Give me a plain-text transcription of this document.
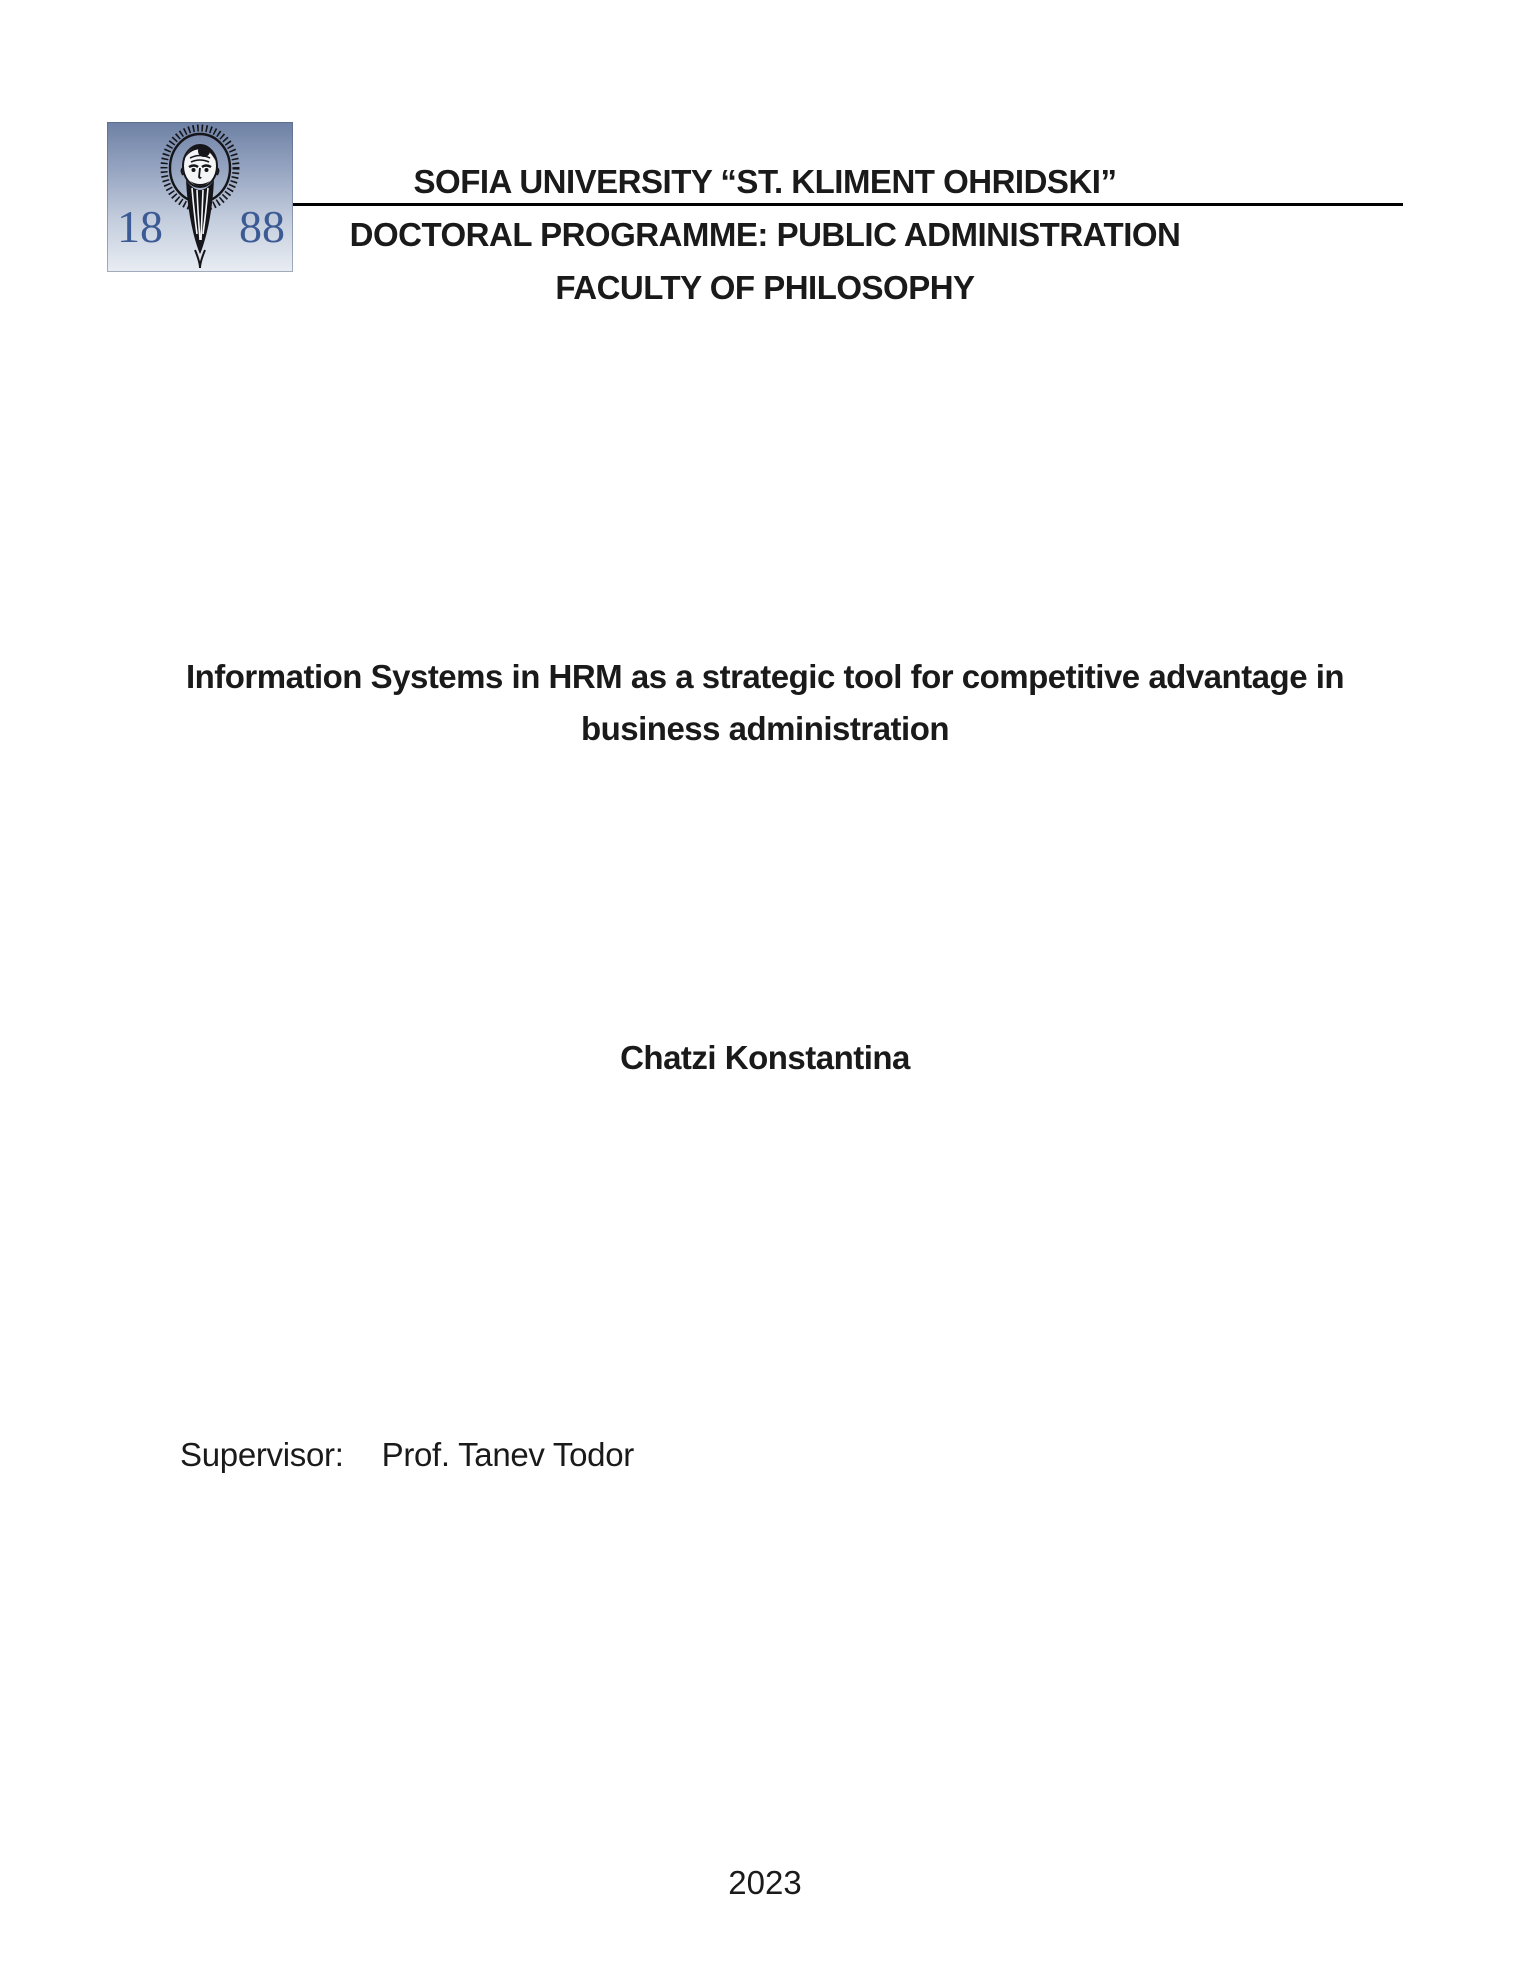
18 88
SOFIA UNIVERSITY “ST. KLIMENT OHRIDSKI”
DOCTORAL PROGRAMME: PUBLIC ADMINISTRATION
FACULTY OF PHILOSOPHY
Information Systems in HRM as a strategic tool for competitive advantage in
business administration
Chatzi Konstantina
Supervisor: Prof. Tanev Todor
2023
